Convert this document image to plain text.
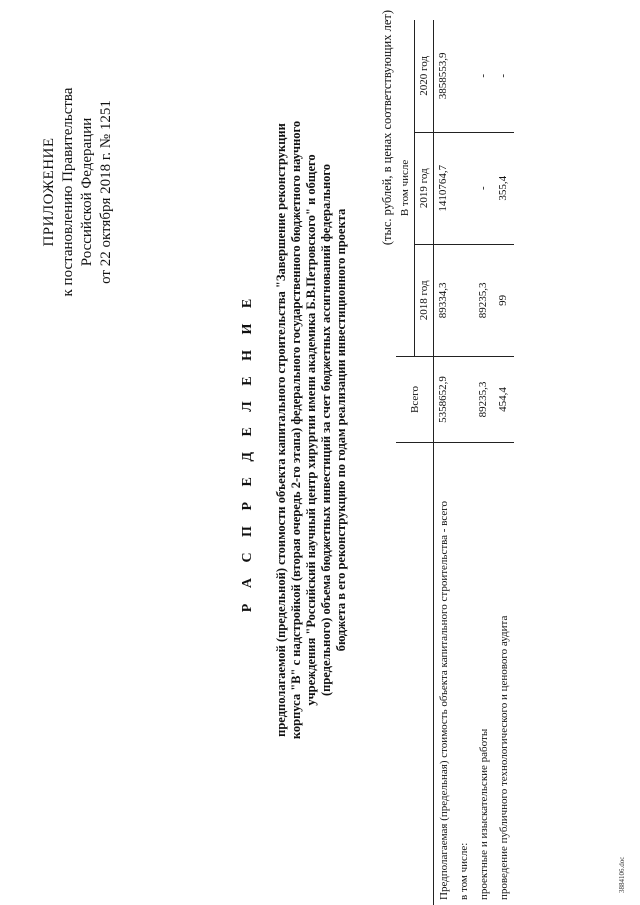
ПРИЛОЖЕНИЕ к постановлению Правительства Российской Федерации от 22 октября 2018 г. № 1251
Р А С П Р Е Д Е Л Е Н И Е предполагаемой (предельной) стоимости объекта капитального строительства "Завершение реконструкции корпуса "В" с надстройкой (вторая очередь 2-го этапа) федерального государственного бюджетного научного учреждения "Российский научный центр хирургии имени академика Б.В.Петровского" и общего (предельного) объема бюджетных инвестиций за счет бюджетных ассигнований федерального бюджета в его реконструкцию по годам реализации инвестиционного проекта
(тыс. рублей, в ценах соответствующих лет)
	Всего	В том числе		
		2018 год	2019 год	2020 год
Предполагаемая (предельная) стоимость объекта капитального строительства - всего	5358652,9	89334,3	1410764,7	3858553,9
в том числе:				
проектные и изыскательские работы	89235,3	89235,3	-	-
проведение публичного технологического и ценового аудита	454,4	99	355,4	-
3884106.doc
